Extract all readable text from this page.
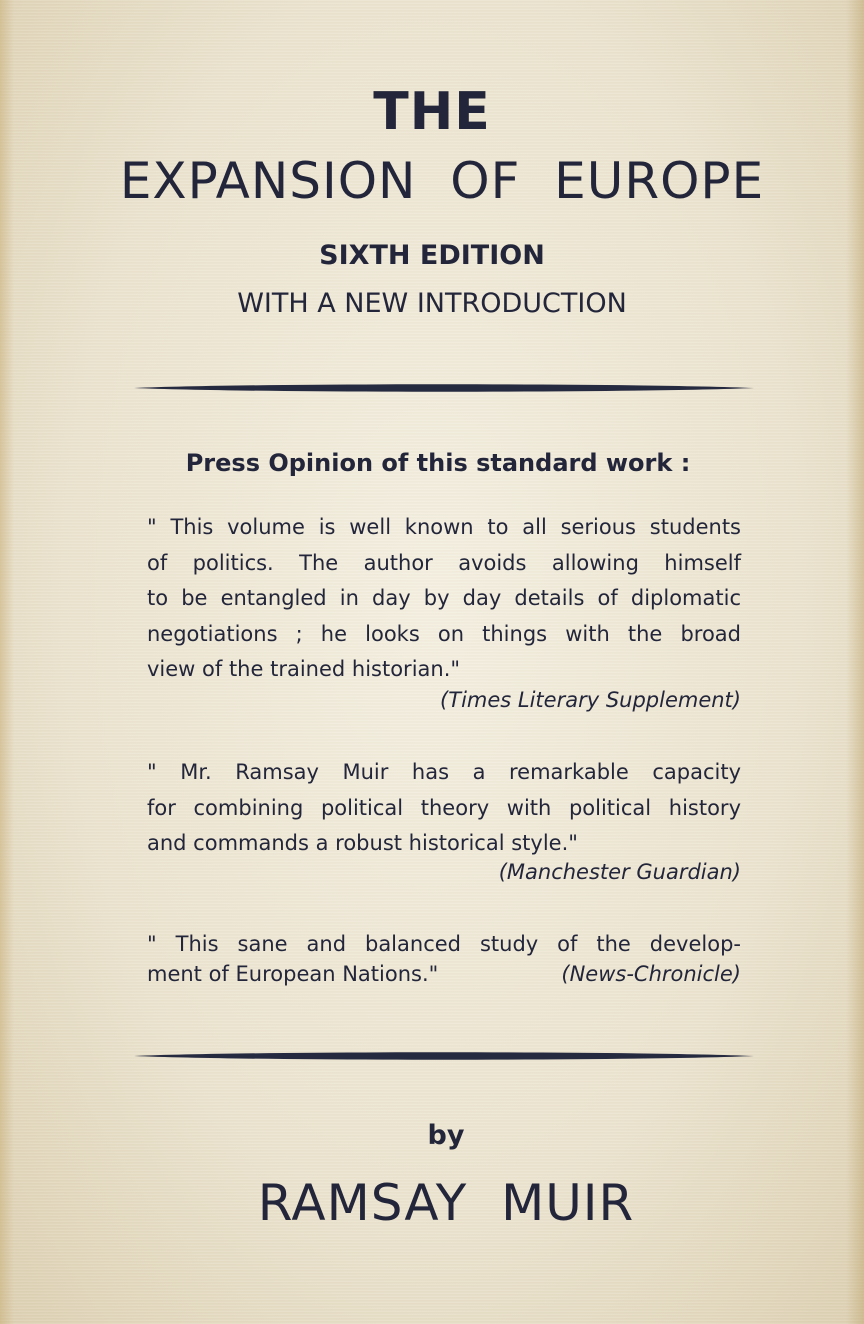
THE
EXPANSION  OF  EUROPE
SIXTH EDITION
WITH A NEW INTRODUCTION
Press Opinion of this standard work :
" This volume is well known to all serious students
of politics. The author avoids allowing himself
to be entangled in day by day details of diplomatic
negotiations ; he looks on things with the broad
view of the trained historian."
(Times Literary Supplement)
" Mr. Ramsay Muir has a remarkable capacity
for combining political theory with political history
and commands a robust historical style."
(Manchester Guardian)
" This sane and balanced study of the develop-
ment of European Nations."	(News-Chronicle)
by
RAMSAY  MUIR
